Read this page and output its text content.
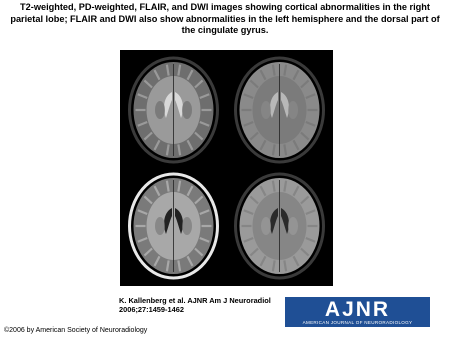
T2-weighted, PD-weighted, FLAIR, and DWI images showing cortical abnormalities in the right parietal lobe; FLAIR and DWI also show abnormalities in the left hemisphere and the dorsal part of the cingulate gyrus.
K. Kallenberg et al. AJNR Am J Neuroradiol 2006;27:1459-1462	AJNR
AMERICAN JOURNAL OF NEURORADIOLOGY
©2006 by American Society of Neuroradiology
